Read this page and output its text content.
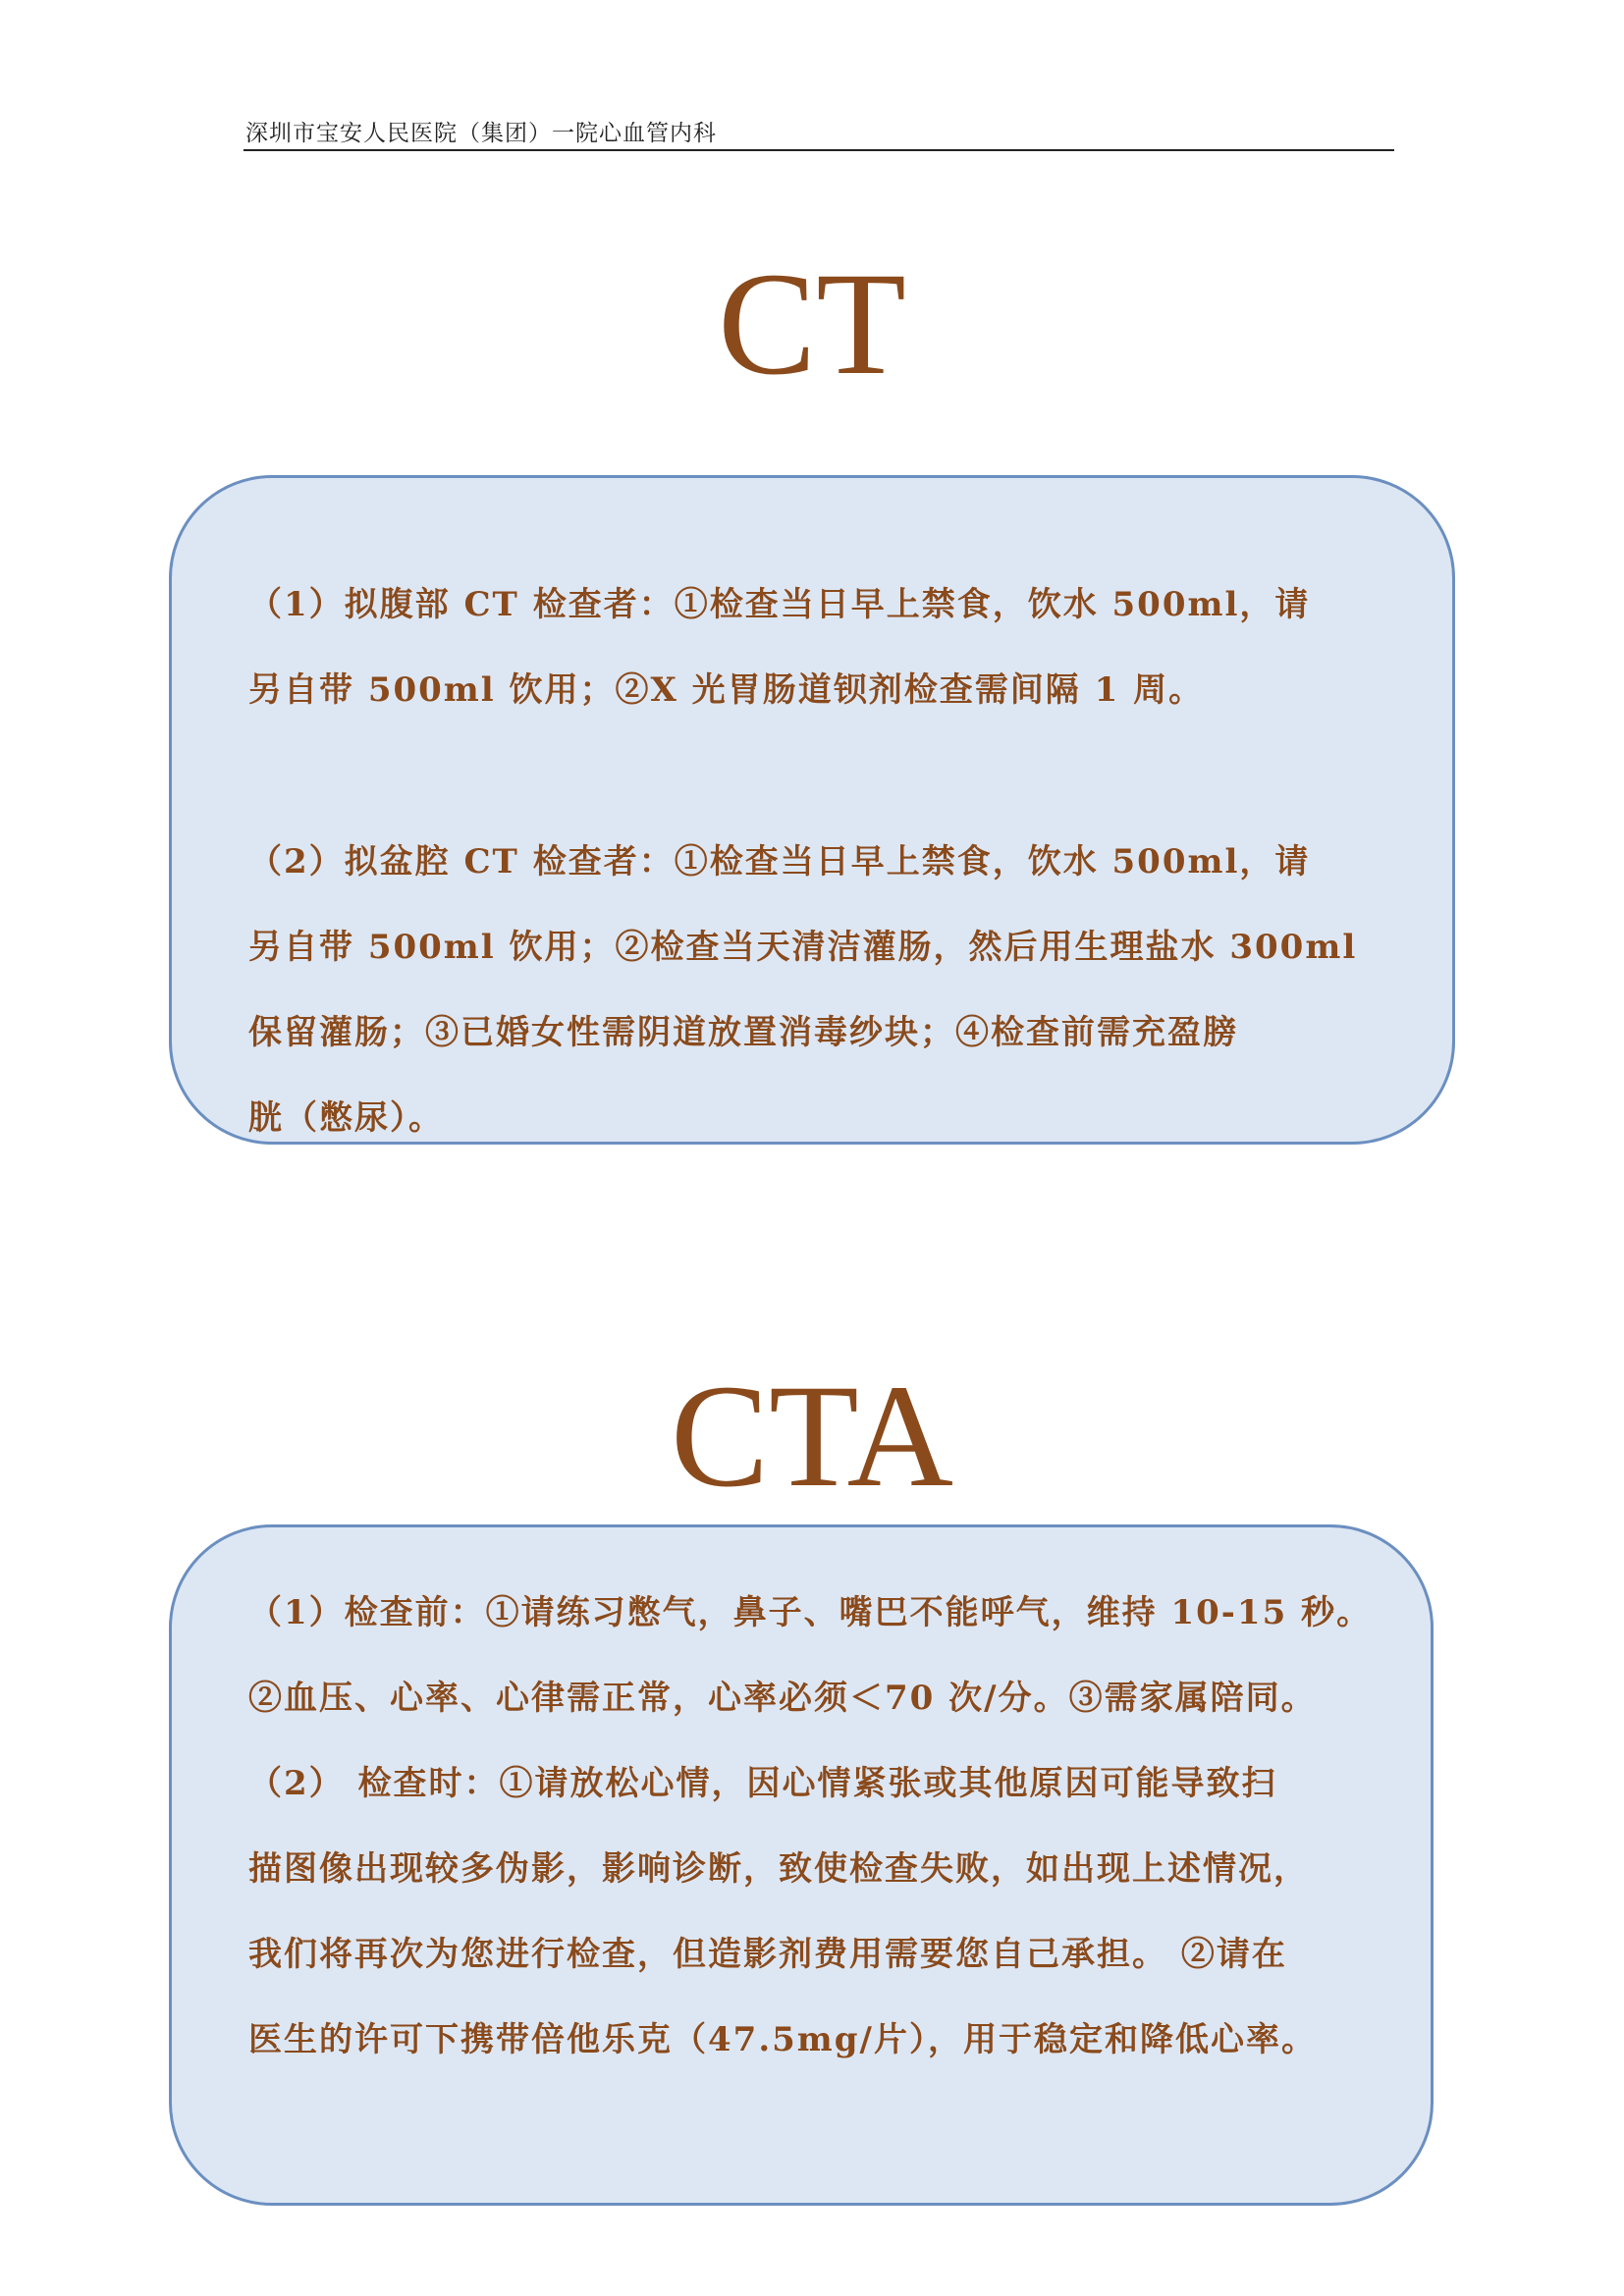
深圳市宝安人民医院（集团）一院心血管内科
CT
（1）拟腹部 CT 检查者：①检查当日早上禁食，饮水 500ml，请
另自带 500ml 饮用；②X 光胃肠道钡剂检查需间隔 1 周。
（2）拟盆腔 CT 检查者：①检查当日早上禁食，饮水 500ml，请
另自带 500ml 饮用；②检查当天清洁灌肠，然后用生理盐水 300ml
保留灌肠；③已婚女性需阴道放置消毒纱块；④检查前需充盈膀
胱（憋尿）。
CTA
（1）检查前：①请练习憋气，鼻子、嘴巴不能呼气，维持 10-15 秒。
②血压、心率、心律需正常，心率必须＜70 次/分。③需家属陪同。
（2） 检查时：①请放松心情，因心情紧张或其他原因可能导致扫
描图像出现较多伪影，影响诊断，致使检查失败，如出现上述情况，
我们将再次为您进行检查，但造影剂费用需要您自己承担。 ②请在
医生的许可下携带倍他乐克（47.5mg/片），用于稳定和降低心率。
